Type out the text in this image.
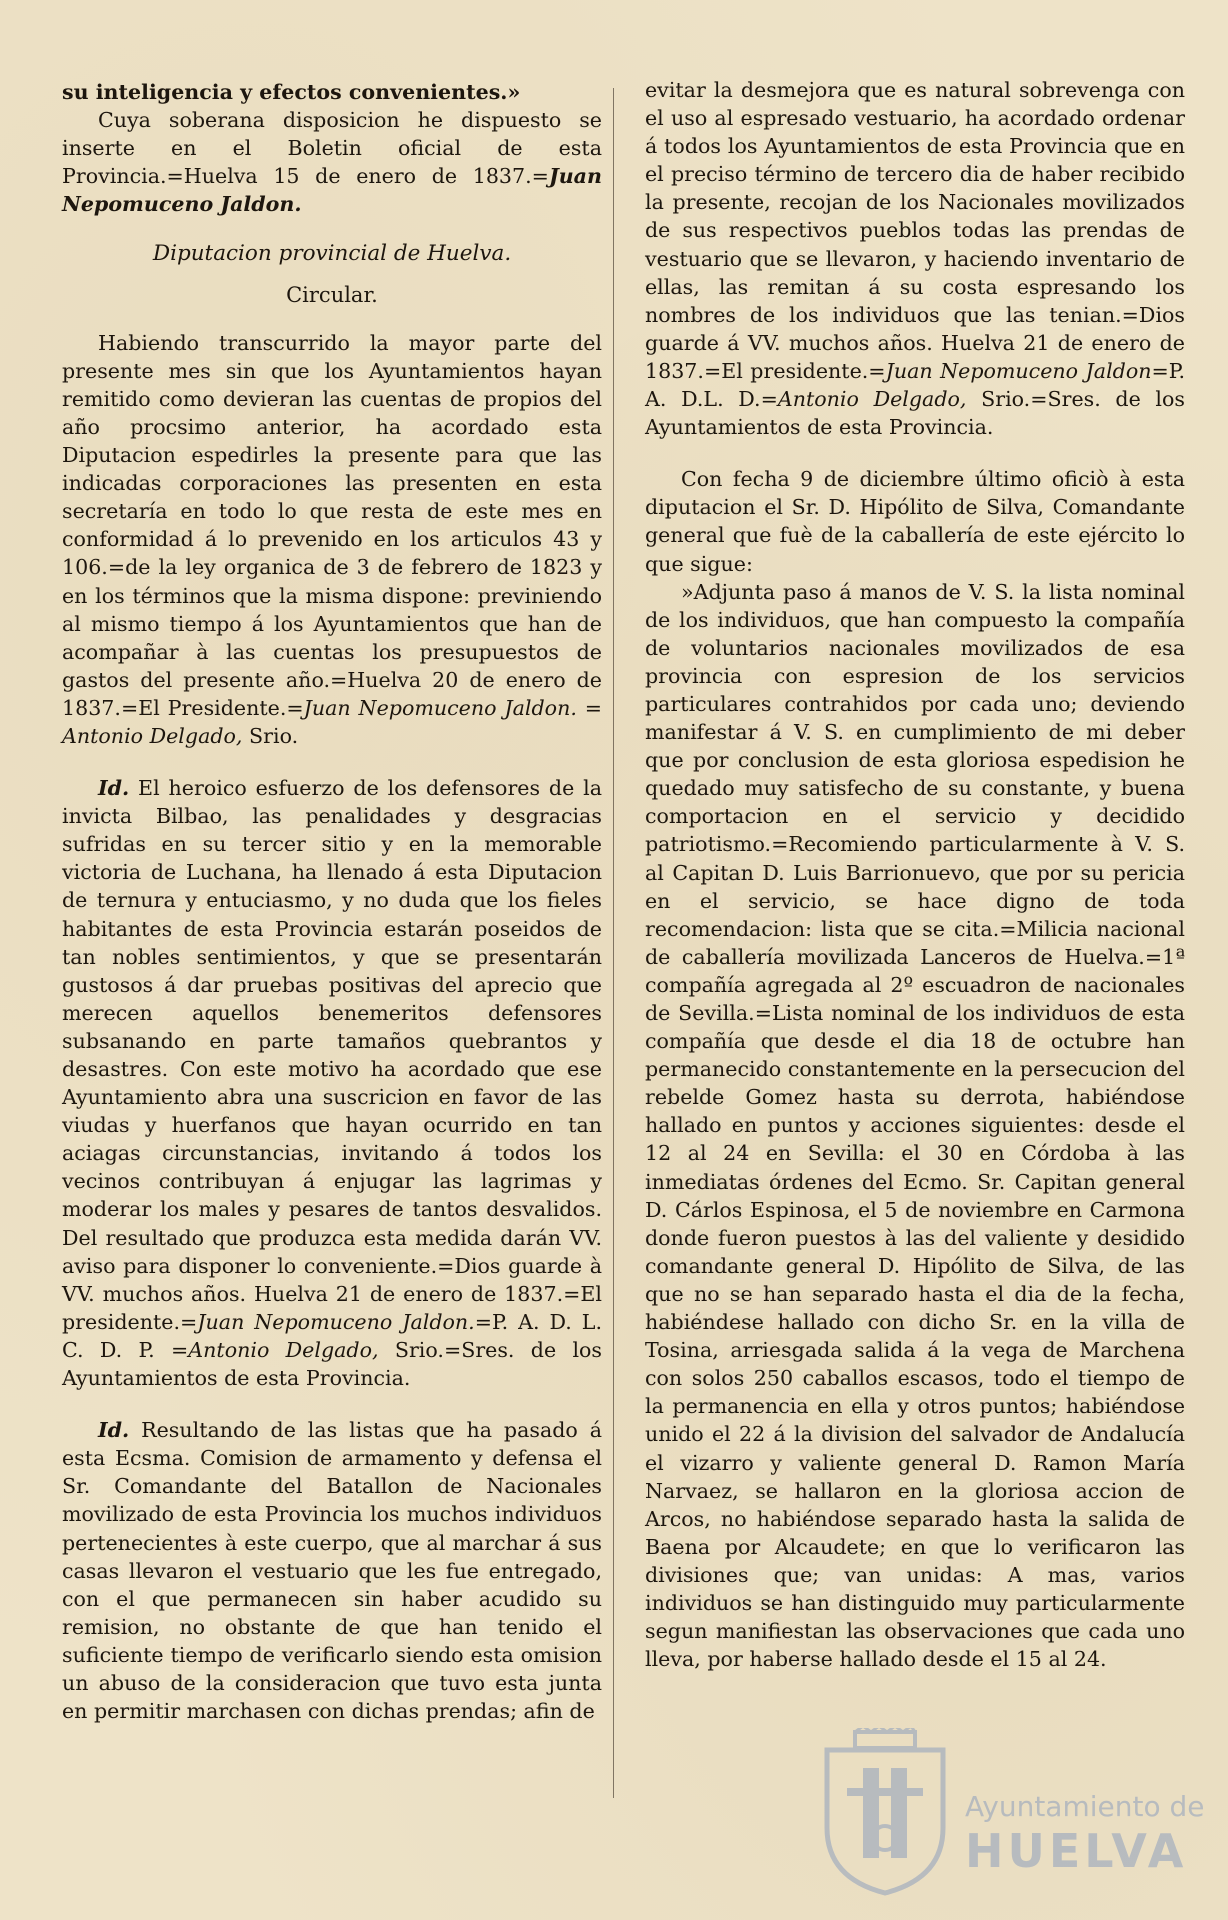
su inteligencia y efectos convenientes.»

Cuya soberana disposicion he dispuesto se inserte en el Boletin oficial de esta Provincia.=Huelva 15 de enero de 1837.=Juan Nepomuceno Jaldon.

Diputacion provincial de Huelva.

Circular.

Habiendo transcurrido la mayor parte del presente mes sin que los Ayuntamientos hayan remitido como devieran las cuentas de propios del año procsimo anterior, ha acordado esta Diputacion espedirles la presente para que las indicadas corporaciones las presenten en esta secretaría en todo lo que resta de este mes en conformidad á lo prevenido en los articulos 43 y 106.=de la ley organica de 3 de febrero de 1823 y en los términos que la misma dispone: previniendo al mismo tiempo á los Ayuntamientos que han de acompañar à las cuentas los presupuestos de gastos del presente año.=Huelva 20 de enero de 1837.=El Presidente.=Juan Nepomuceno Jaldon. = Antonio Delgado, Srio.

Id. El heroico esfuerzo de los defensores de la invicta Bilbao, las penalidades y desgracias sufridas en su tercer sitio y en la memorable victoria de Luchana, ha llenado á esta Diputacion de ternura y entuciasmo, y no duda que los fieles habitantes de esta Provincia estarán poseidos de tan nobles sentimientos, y que se presentarán gustosos á dar pruebas positivas del aprecio que merecen aquellos benemeritos defensores subsanando en parte tamaños quebrantos y desastres. Con este motivo ha acordado que ese Ayuntamiento abra una suscricion en favor de las viudas y huerfanos que hayan ocurrido en tan aciagas circunstancias, invitando á todos los vecinos contribuyan á enjugar las lagrimas y moderar los males y pesares de tantos desvalidos. Del resultado que produzca esta medida darán VV. aviso para disponer lo conveniente.=Dios guarde à VV. muchos años. Huelva 21 de enero de 1837.=El presidente.=Juan Nepomuceno Jaldon.=P. A. D. L. C. D. P. =Antonio Delgado, Srio.=Sres. de los Ayuntamientos de esta Provincia.

Id. Resultando de las listas que ha pasado á esta Ecsma. Comision de armamento y defensa el Sr. Comandante del Batallon de Nacionales movilizado de esta Provincia los muchos individuos pertenecientes à este cuerpo, que al marchar á sus casas llevaron el vestuario que les fue entregado, con el que permanecen sin haber acudido su remision, no obstante de que han tenido el suficiente tiempo de verificarlo siendo esta omision un abuso de la consideracion que tuvo esta junta en permitir marchasen con dichas prendas; afin de

evitar la desmejora que es natural sobrevenga con el uso al espresado vestuario, ha acordado ordenar á todos los Ayuntamientos de esta Provincia que en el preciso término de tercero dia de haber recibido la presente, recojan de los Nacionales movilizados de sus respectivos pueblos todas las prendas de vestuario que se llevaron, y haciendo inventario de ellas, las remitan á su costa espresando los nombres de los individuos que las tenian.=Dios guarde á VV. muchos años. Huelva 21 de enero de 1837.=El presidente.=Juan Nepomuceno Jaldon=P. A. D.L. D.=Antonio Delgado, Srio.=Sres. de los Ayuntamientos de esta Provincia.

Con fecha 9 de diciembre último oficiò à esta diputacion el Sr. D. Hipólito de Silva, Comandante general que fuè de la caballería de este ejército lo que sigue:

»Adjunta paso á manos de V. S. la lista nominal de los individuos, que han compuesto la compañía de voluntarios nacionales movilizados de esa provincia con espresion de los servicios particulares contrahidos por cada uno; deviendo manifestar á V. S. en cumplimiento de mi deber que por conclusion de esta gloriosa espedision he quedado muy satisfecho de su constante, y buena comportacion en el servicio y decidido patriotismo.=Recomiendo particularmente à V. S. al Capitan D. Luis Barrionuevo, que por su pericia en el servicio, se hace digno de toda recomendacion: lista que se cita.=Milicia nacional de caballería movilizada Lanceros de Huelva.=1ª compañía agregada al 2º escuadron de nacionales de Sevilla.=Lista nominal de los individuos de esta compañía que desde el dia 18 de octubre han permanecido constantemente en la persecucion del rebelde Gomez hasta su derrota, habiéndose hallado en puntos y acciones siguientes: desde el 12 al 24 en Sevilla: el 30 en Córdoba à las inmediatas órdenes del Ecmo. Sr. Capitan general D. Cárlos Espinosa, el 5 de noviembre en Carmona donde fueron puestos à las del valiente y desidido comandante general D. Hipólito de Silva, de las que no se han separado hasta el dia de la fecha, habiéndese hallado con dicho Sr. en la villa de Tosina, arriesgada salida á la vega de Marchena con solos 250 caballos escasos, todo el tiempo de la permanencia en ella y otros puntos; habiéndose unido el 22 á la division del salvador de Andalucía el vizarro y valiente general D. Ramon María Narvaez, se hallaron en la gloriosa accion de Arcos, no habiéndose separado hasta la salida de Baena por Alcaudete; en que lo verificaron las divisiones que; van unidas: A mas, varios individuos se han distinguido muy particularmente segun manifiestan las observaciones que cada uno lleva, por haberse hallado desde el 15 al 24.

Ayuntamiento de
HUELVA
